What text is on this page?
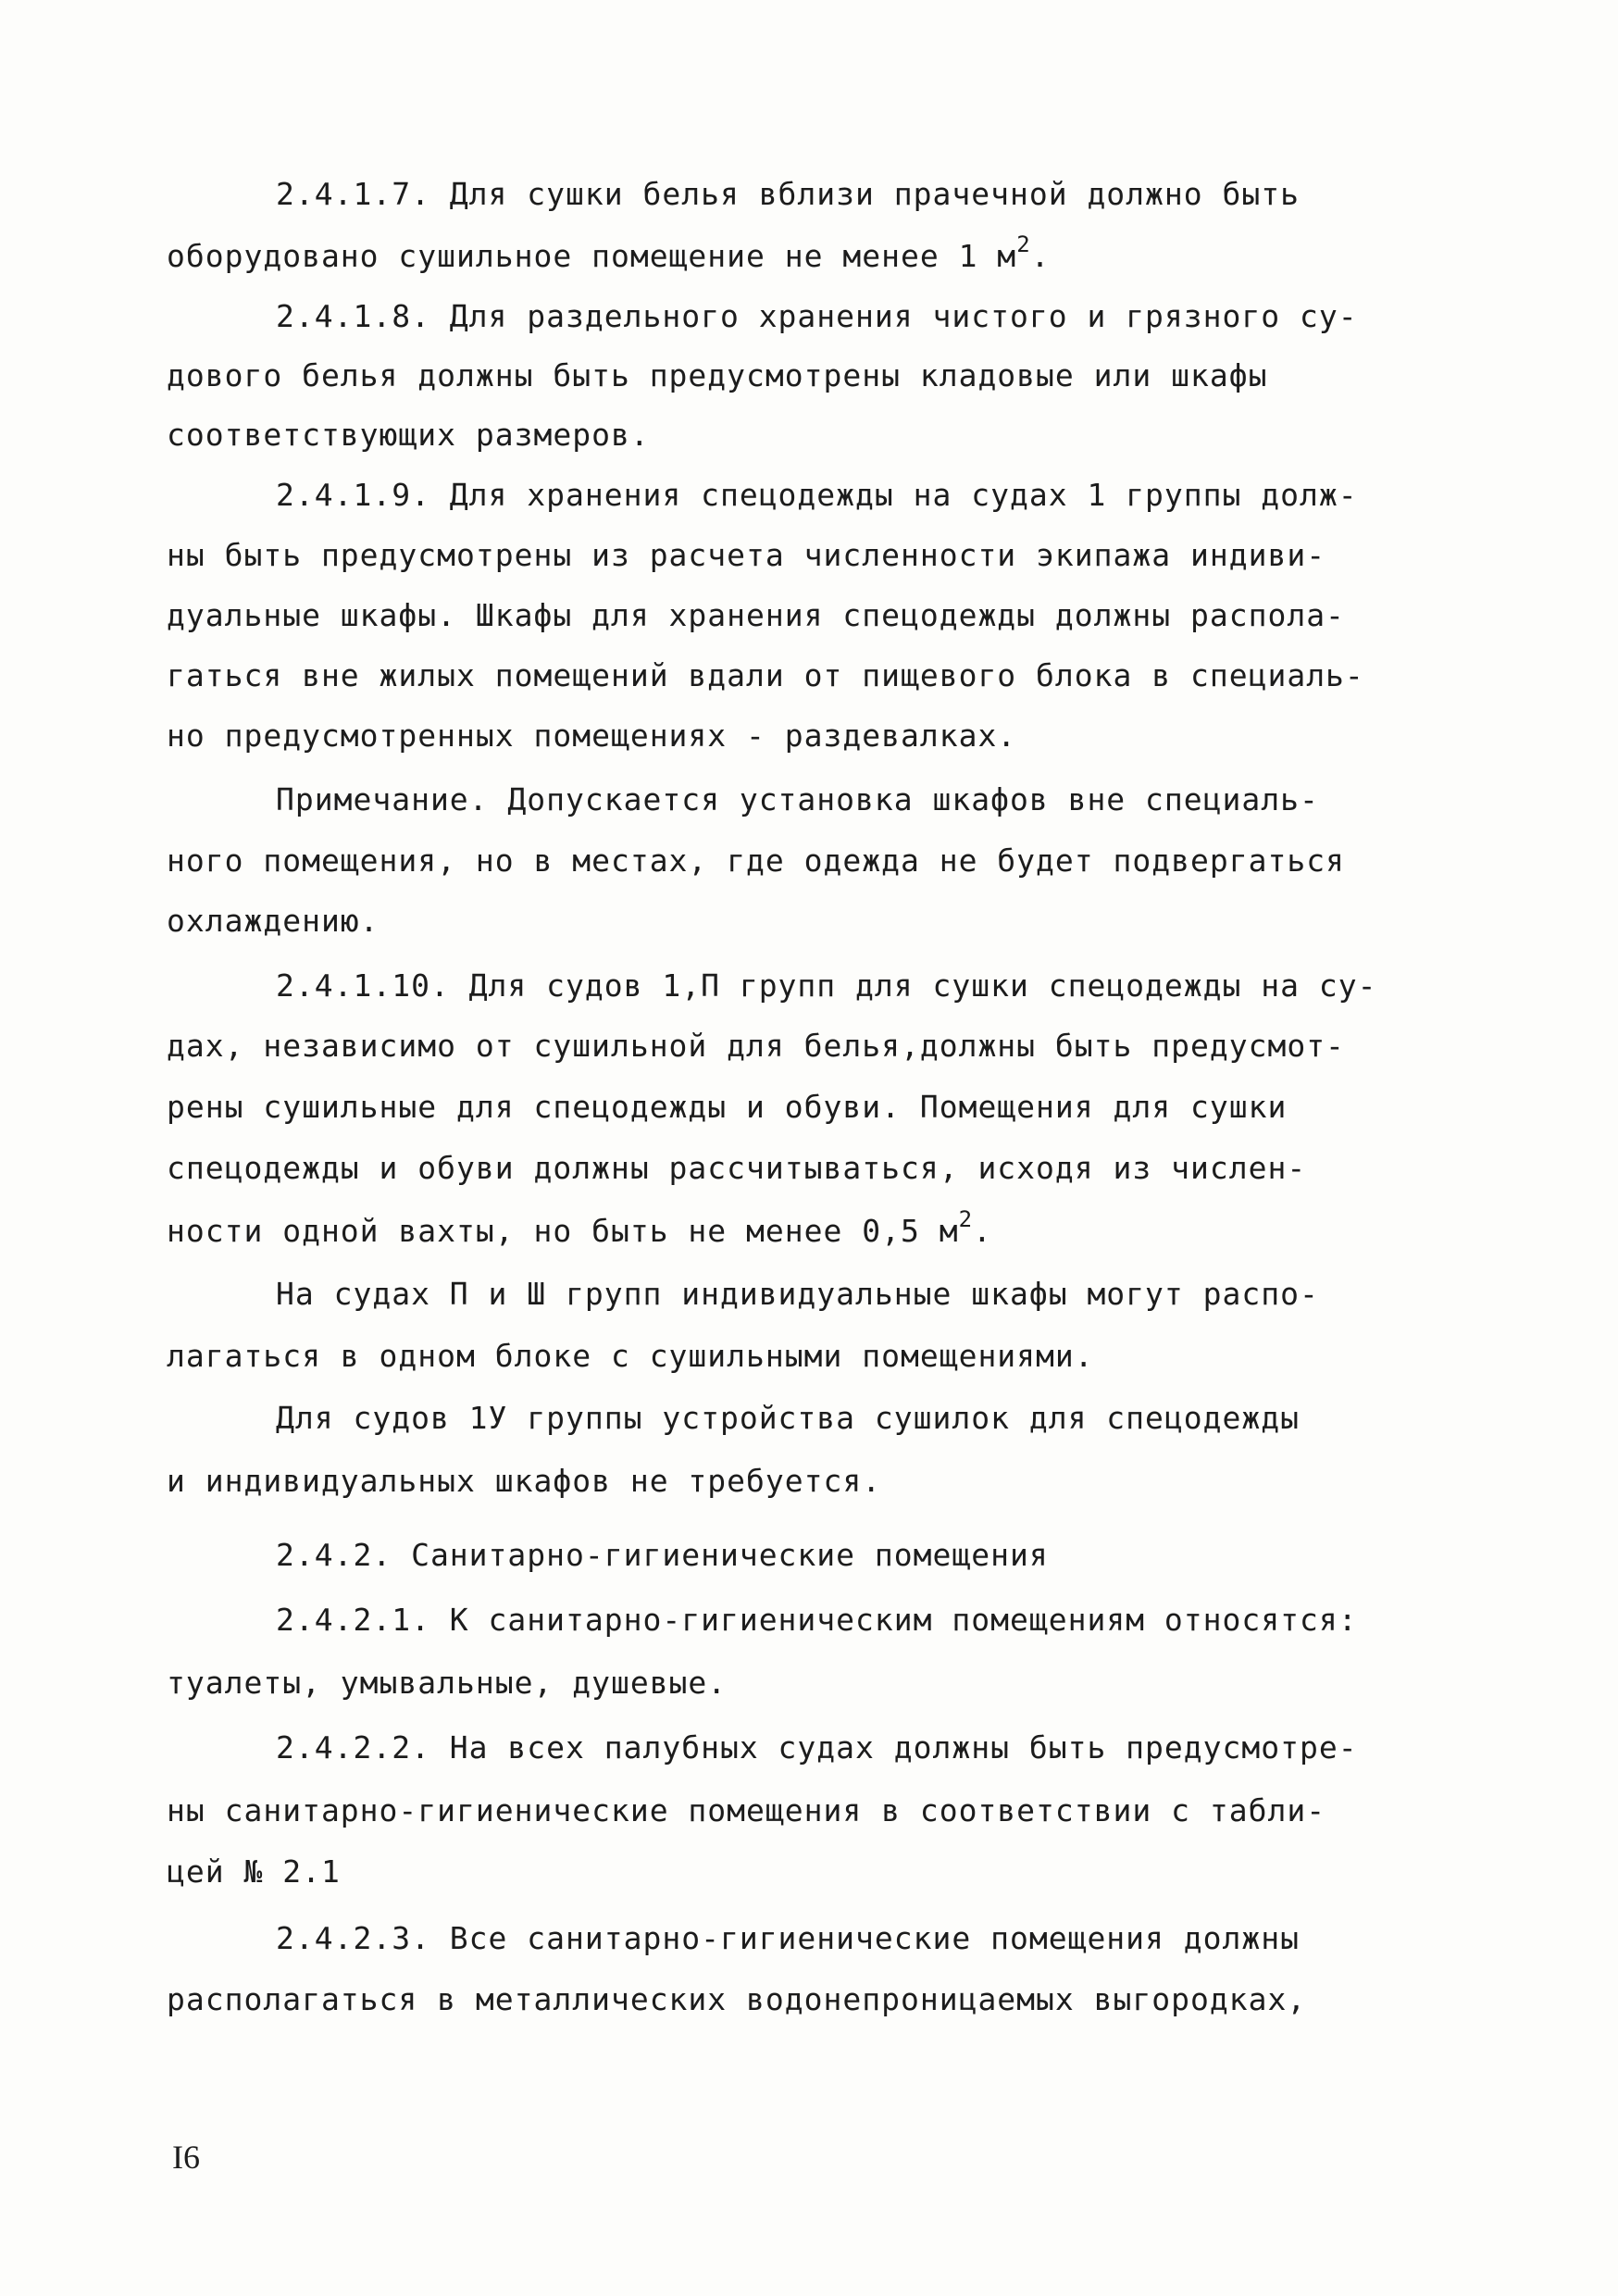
2.4.1.7. Для сушки белья вблизи прачечной должно быть
оборудовано сушильное помещение не менее 1 $м^2$.
2.4.1.8. Для раздельного хранения чистого и грязного су-
дового белья должны быть предусмотрены кладовые или шкафы
соответствующих размеров.
2.4.1.9. Для хранения спецодежды на судах 1 группы долж-
ны быть предусмотрены из расчета численности экипажа индиви-
дуальные шкафы. Шкафы для хранения спецодежды должны распола-
гаться вне жилых помещений вдали от пищевого блока в специаль-
но предусмотренных помещениях - раздевалках.
Примечание. Допускается установка шкафов вне специаль-
ного помещения, но в местах, где одежда не будет подвергаться
охлаждению.
2.4.1.10. Для судов 1,П групп для сушки спецодежды на су-
дах, независимо от сушильной для белья,должны быть предусмот-
рены сушильные для спецодежды и обуви. Помещения для сушки
спецодежды и обуви должны рассчитываться, исходя из числен-
ности одной вахты, но быть не менее 0,5 $м^2$.
На судах П и Ш групп индивидуальные шкафы могут распо-
лагаться в одном блоке с сушильными помещениями.
Для судов 1У группы устройства сушилок для спецодежды
и индивидуальных шкафов не требуется.
2.4.2. Санитарно-гигиенические помещения
2.4.2.1. К санитарно-гигиеническим помещениям относятся:
туалеты, умывальные, душевые.
2.4.2.2. На всех палубных судах должны быть предусмотре-
ны санитарно-гигиенические помещения в соответствии с табли-
цей № 2.1
2.4.2.3. Все санитарно-гигиенические помещения должны
располагаться в металлических водонепроницаемых выгородках,
I6
